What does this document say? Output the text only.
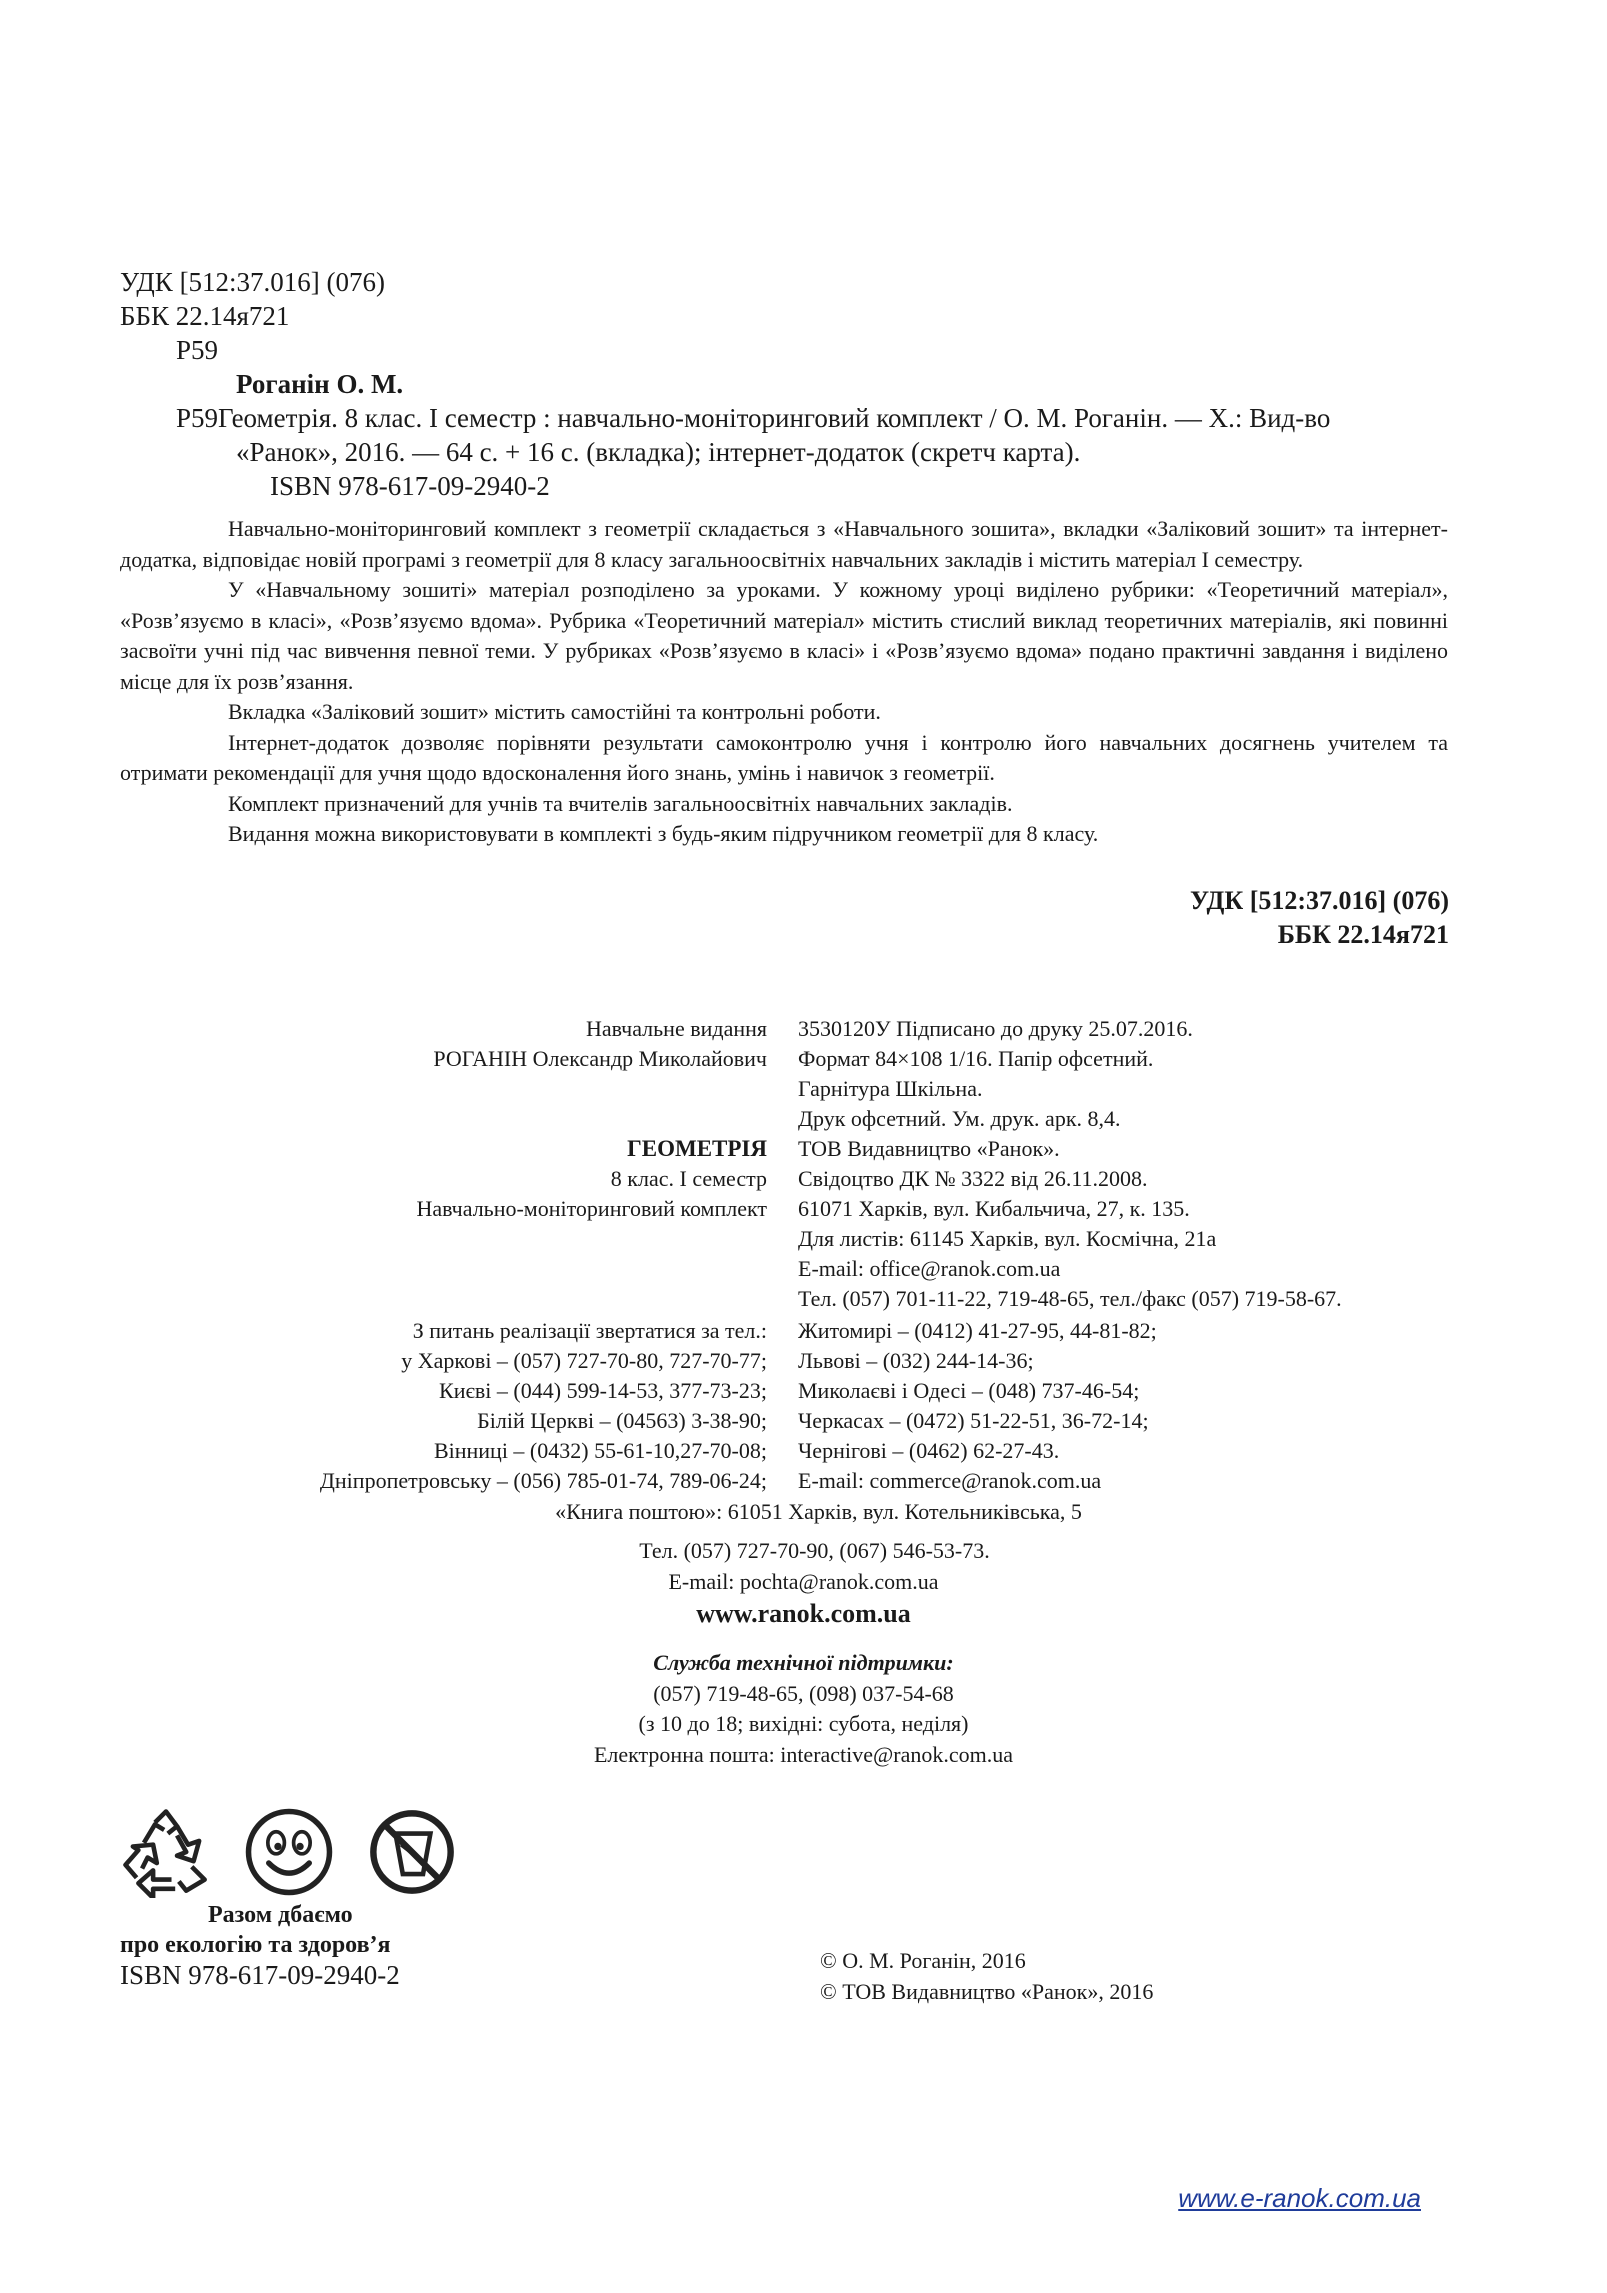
УДК [512:37.016] (076)
ББК 22.14я721
Р59
Роганін О. М.
Р59Геометрія. 8 клас. І семестр : навчально-моніторинговий комплект / О. М. Роганін. — Х.: Вид-во
«Ранок», 2016. — 64 с. + 16 с. (вкладка); інтернет-додаток (скретч карта).
ISBN 978-617-09-2940-2

Навчально-моніторинговий комплект з геометрії складається з «Навчального зошита», вкладки «Заліковий зошит» та інтернет-додатка, відповідає новій програмі з геометрії для 8 класу загальноосвітніх навчальних закладів і містить матеріал І семестру.

У «Навчальному зошиті» матеріал розподілено за уроками. У кожному уроці виділено рубрики: «Теоретичний матеріал», «Розв’язуємо в класі», «Розв’язуємо вдома». Рубрика «Теоретичний матеріал» містить стислий виклад теоретичних матеріалів, які повинні засвоїти учні під час вивчення певної теми. У рубриках «Розв’язуємо в класі» і «Розв’язуємо вдома» подано практичні завдання і виділено місце для їх розв’язання.

Вкладка «Заліковий зошит» містить самостійні та контрольні роботи.

Інтернет-додаток дозволяє порівняти результати самоконтролю учня і контролю його навчальних досягнень учителем та отримати рекомендації для учня щодо вдосконалення його знань, умінь і навичок з геометрії.

Комплект призначений для учнів та вчителів загальноосвітніх навчальних закладів.

Видання можна використовувати в комплекті з будь-яким підручником геометрії для 8 класу.

УДК [512:37.016] (076)
ББК 22.14я721
Навчальне видання
РОГАНІН Олександр Миколайович
ГЕОМЕТРІЯ
8 клас. І семестр
Навчально-моніторинговий комплект
3530120У Підписано до друку 25.07.2016.
Формат 84×108 1/16. Папір офсетний.
Гарнітура Шкільна.
Друк офсетний. Ум. друк. арк. 8,4.
ТОВ Видавництво «Ранок».
Свідоцтво ДК № 3322 від 26.11.2008.
61071 Харків, вул. Кибальчича, 27, к. 135.
Для листів: 61145 Харків, вул. Космічна, 21а
E-mail: office@ranok.com.ua
Тел. (057) 701-11-22, 719-48-65, тел./факс (057) 719-58-67.
З питань реалізації звертатися за тел.:
у Харкові – (057) 727-70-80, 727-70-77;
Києві – (044) 599-14-53, 377-73-23;
Білій Церкві – (04563) 3-38-90;
Вінниці – (0432) 55-61-10,27-70-08;
Дніпропетровську – (056) 785-01-74, 789-06-24;
Житомирі – (0412) 41-27-95, 44-81-82;
Львові – (032) 244-14-36;
Миколаєві і Одесі – (048) 737-46-54;
Черкасах – (0472) 51-22-51, 36-72-14;
Чернігові – (0462) 62-27-43.
E-mail: commerce@ranok.com.ua
«Книга поштою»: 61051 Харків, вул. Котельниківська, 5
Тел. (057) 727-70-90, (067) 546-53-73.
E-mail: pochta@ranok.com.ua
www.ranok.com.ua
Служба технічної підтримки:
(057) 719-48-65, (098) 037-54-68
(з 10 до 18; вихідні: субота, неділя)
Електронна пошта: interactive@ranok.com.ua
Разом дбаємо
про екологію та здоров’я
ISBN 978-617-09-2940-2	© О. М. Роганін, 2016
© ТОВ Видавництво «Ранок», 2016
www.e-ranok.com.ua
